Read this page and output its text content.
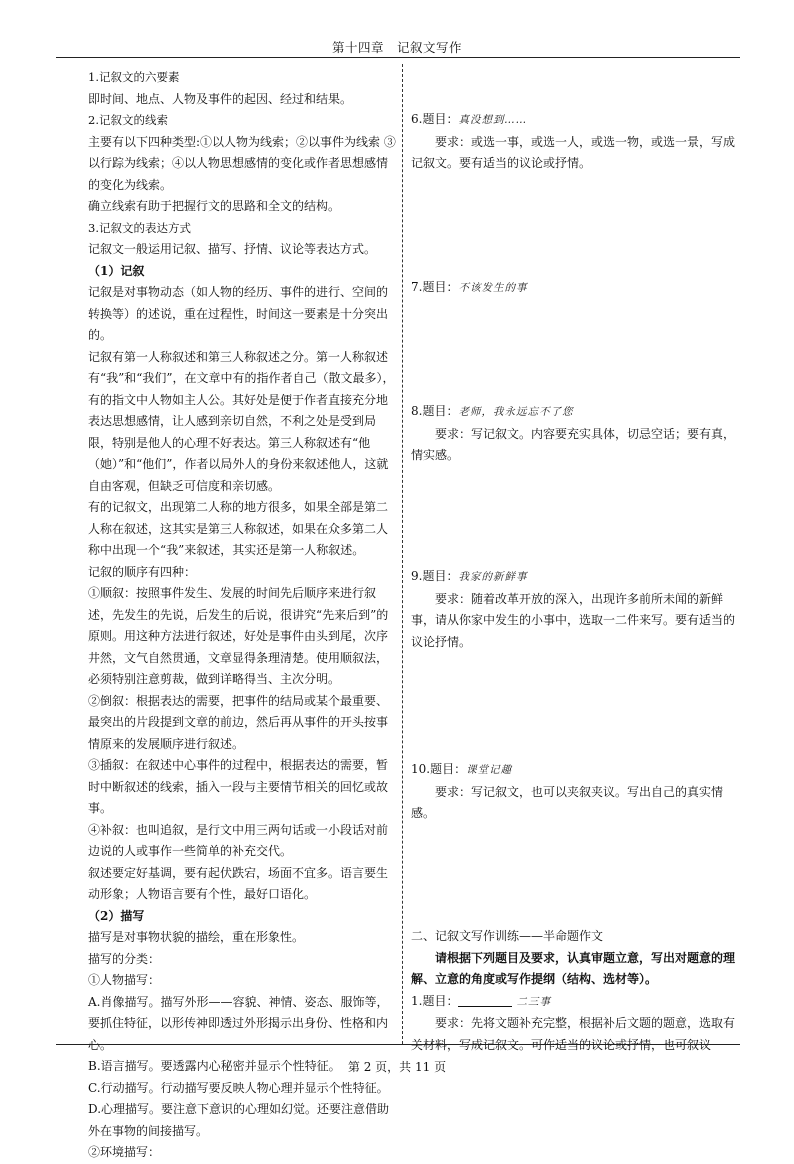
第十四章　记叙文写作

1.记叙文的六要素

即时间、地点、人物及事件的起因、经过和结果。

2.记叙文的线索

主要有以下四种类型:①以人物为线索；②以事件为线索 ③以行踪为线索；④以人物思想感情的变化或作者思想感情的变化为线索。

确立线索有助于把握行文的思路和全文的结构。

3.记叙文的表达方式

记叙文一般运用记叙、描写、抒情、议论等表达方式。

（1）记叙

记叙是对事物动态（如人物的经历、事件的进行、空间的转换等）的述说，重在过程性，时间这一要素是十分突出的。

记叙有第一人称叙述和第三人称叙述之分。第一人称叙述有“我”和“我们”，在文章中有的指作者自己（散文最多），有的指文中人物如主人公。其好处是便于作者直接充分地表达思想感情，让人感到亲切自然，不利之处是受到局限，特别是他人的心理不好表达。第三人称叙述有“他（她）”和“他们”，作者以局外人的身份来叙述他人，这就自由客观，但缺乏可信度和亲切感。

有的记叙文，出现第二人称的地方很多，如果全部是第二人称在叙述，这其实是第三人称叙述，如果在众多第二人称中出现一个“我”来叙述，其实还是第一人称叙述。

记叙的顺序有四种：

①顺叙：按照事件发生、发展的时间先后顺序来进行叙述，先发生的先说，后发生的后说，很讲究“先来后到”的原则。用这种方法进行叙述，好处是事件由头到尾，次序井然，文气自然贯通，文章显得条理清楚。使用顺叙法，必须特别注意剪裁，做到详略得当、主次分明。

②倒叙：根据表达的需要，把事件的结局或某个最重要、最突出的片段提到文章的前边，然后再从事件的开头按事情原来的发展顺序进行叙述。

③插叙：在叙述中心事件的过程中，根据表达的需要，暂时中断叙述的线索，插入一段与主要情节相关的回忆或故事。

④补叙：也叫追叙，是行文中用三两句话或一小段话对前边说的人或事作一些简单的补充交代。

叙述要定好基调，要有起伏跌宕，场面不宜多。语言要生动形象；人物语言要有个性，最好口语化。

（2）描写

描写是对事物状貌的描绘，重在形象性。

描写的分类：

①人物描写：

A.肖像描写。描写外形——容貌、神情、姿态、服饰等，要抓住特征，以形传神即透过外形揭示出身份、性格和内心。

B.语言描写。要透露内心秘密并显示个性特征。

C.行动描写。行动描写要反映人物心理并显示个性特征。

D.心理描写。要注意下意识的心理如幻觉。还要注意借助外在事物的间接描写。

②环境描写：

6.题目：真没想到……

要求：或选一事，或选一人，或选一物，或选一景，写成记叙文。要有适当的议论或抒情。

7.题目：不该发生的事

8.题目：老师，我永远忘不了您

要求：写记叙文。内容要充实具体，切忌空话；要有真，情实感。

9.题目：我家的新鲜事

要求：随着改革开放的深入，出现许多前所未闻的新鲜事，请从你家中发生的小事中，选取一二件来写。要有适当的议论抒情。

10.题目：课堂记趣

要求：写记叙文，也可以夹叙夹议。写出自己的真实情感。

二、记叙文写作训练——半命题作文

请根据下列题目及要求，认真审题立意，写出对题意的理解、立意的角度或写作提纲（结构、选材等）。

1.题目：	二三事

要求：先将文题补充完整，根据补后文题的题意，选取有关材料，写成记叙文。可作适当的议论或抒情，也可叙议

第 2 页，共 11 页
